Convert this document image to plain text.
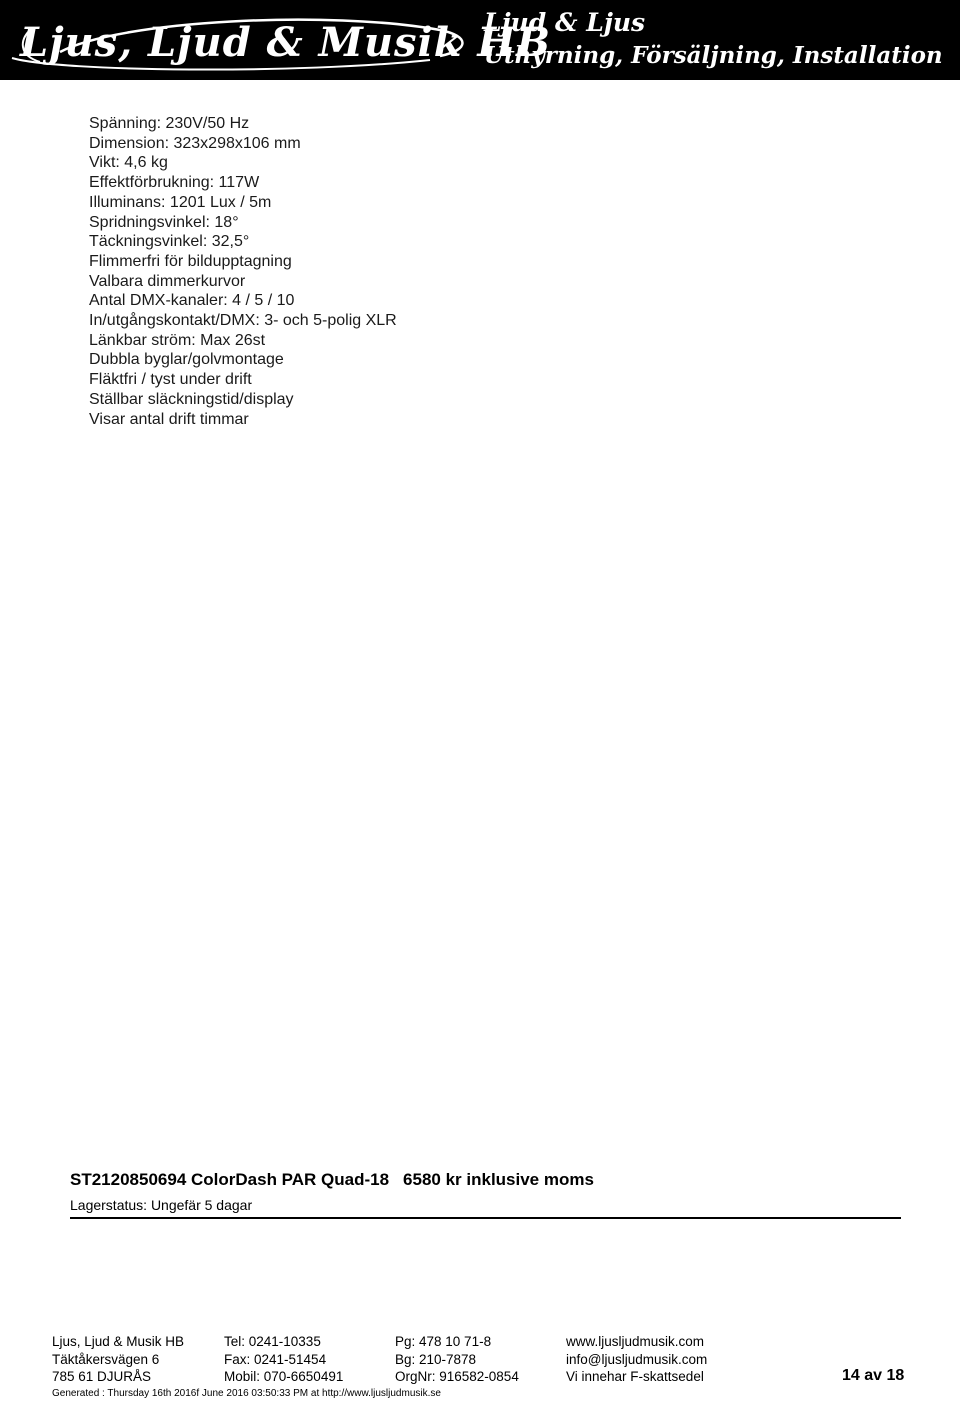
Ljus, Ljud & Musik HB
Ljud & Ljus
Uthyrning, Försäljning, Installation
Spänning: 230V/50 Hz
Dimension: 323x298x106 mm
Vikt: 4,6 kg
Effektförbrukning: 117W
Illuminans: 1201 Lux / 5m
Spridningsvinkel: 18°
Täckningsvinkel: 32,5°
Flimmerfri för bildupptagning
Valbara dimmerkurvor
Antal DMX-kanaler: 4 / 5 / 10
In/utgångskontakt/DMX: 3- och 5-polig XLR
Länkbar ström: Max 26st
Dubbla byglar/golvmontage
Fläktfri / tyst under drift
Ställbar släckningstid/display
Visar antal drift timmar
ST2120850694 ColorDash PAR Quad-18 6580 kr inklusive moms
Lagerstatus: Ungefär 5 dagar
Ljus, Ljud & Musik HB
Täktåkersvägen 6
785 61 DJURÅS
Tel: 0241-10335
Fax: 0241-51454
Mobil: 070-6650491
Pg: 478 10 71-8
Bg: 210-7878
OrgNr: 916582-0854
www.ljusljudmusik.com
info@ljusljudmusik.com
Vi innehar F-skattsedel	14 av 18
Generated : Thursday 16th 2016f June 2016 03:50:33 PM at http://www.ljusljudmusik.se
